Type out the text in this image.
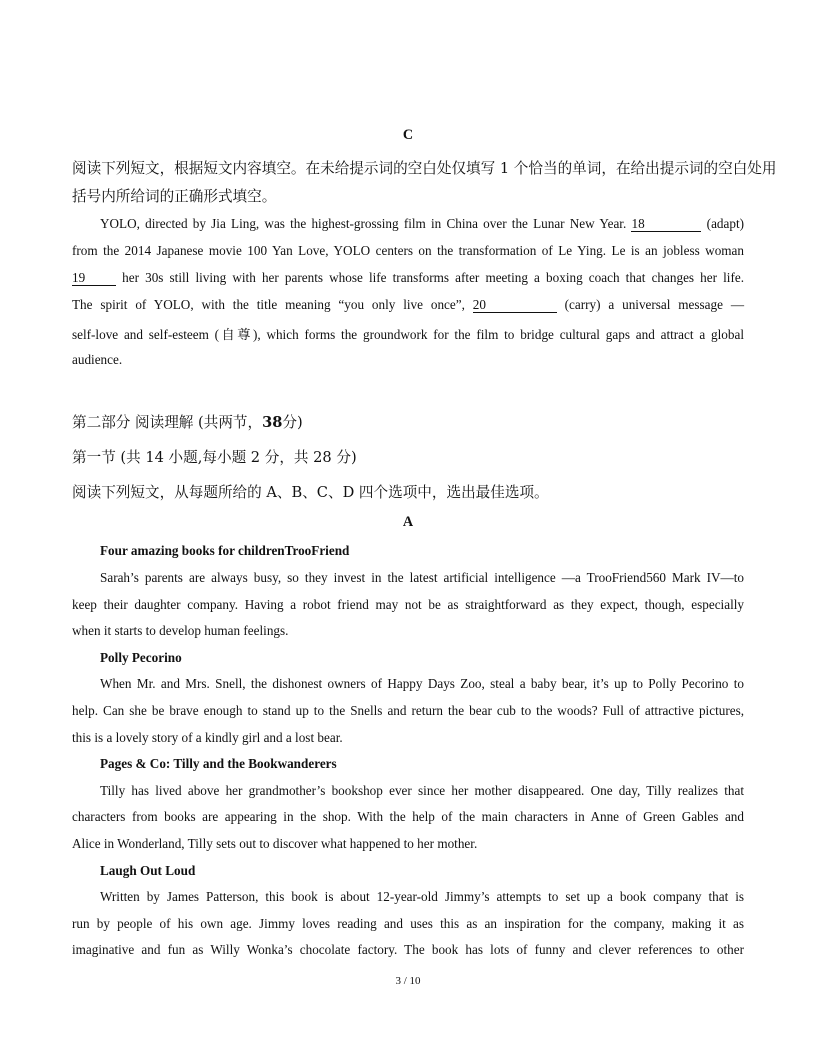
C
阅读下列短文，根据短文内容填空。在未给提示词的空白处仅填写 1 个恰当的单词，在给出提示词的空白处用
括号内所给词的正确形式填空。
YOLO, directed by Jia Ling, was the highest-grossing film in China over the Lunar New Year. 18	(adapt)
from the 2014 Japanese movie 100 Yan Love, YOLO centers on the transformation of Le Ying. Le is an jobless woman
19	her 30s still living with her parents whose life transforms after meeting a boxing coach that changes her life.
The spirit of YOLO, with the title meaning “you only live once”, 20	(carry) a universal message —
self-love and self-esteem (自尊), which forms the groundwork for the film to bridge cultural gaps and attract a global
audience.
第二部分 阅读理解 (共两节，38分)
第一节 (共 14 小题,每小题 2 分，共 28 分)
阅读下列短文，从每题所给的 A、B、C、D 四个选项中，选出最佳选项。
A
Four amazing books for childrenTrooFriend
Sarah’s parents are always busy, so they invest in the latest artificial intelligence —a TrooFriend560 Mark IV—to
keep their daughter company. Having a robot friend may not be as straightforward as they expect, though, especially
when it starts to develop human feelings.
Polly Pecorino
When Mr. and Mrs. Snell, the dishonest owners of Happy Days Zoo, steal a baby bear, it’s up to Polly Pecorino to
help. Can she be brave enough to stand up to the Snells and return the bear cub to the woods? Full of attractive pictures,
this is a lovely story of a kindly girl and a lost bear.
Pages & Co: Tilly and the Bookwanderers
Tilly has lived above her grandmother’s bookshop ever since her mother disappeared. One day, Tilly realizes that
characters from books are appearing in the shop. With the help of the main characters in Anne of Green Gables and
Alice in Wonderland, Tilly sets out to discover what happened to her mother.
Laugh Out Loud
Written by James Patterson, this book is about 12-year-old Jimmy’s attempts to set up a book company that is
run by people of his own age. Jimmy loves reading and uses this as an inspiration for the company, making it as
imaginative and fun as Willy Wonka’s chocolate factory. The book has lots of funny and clever references to other
3 / 10
